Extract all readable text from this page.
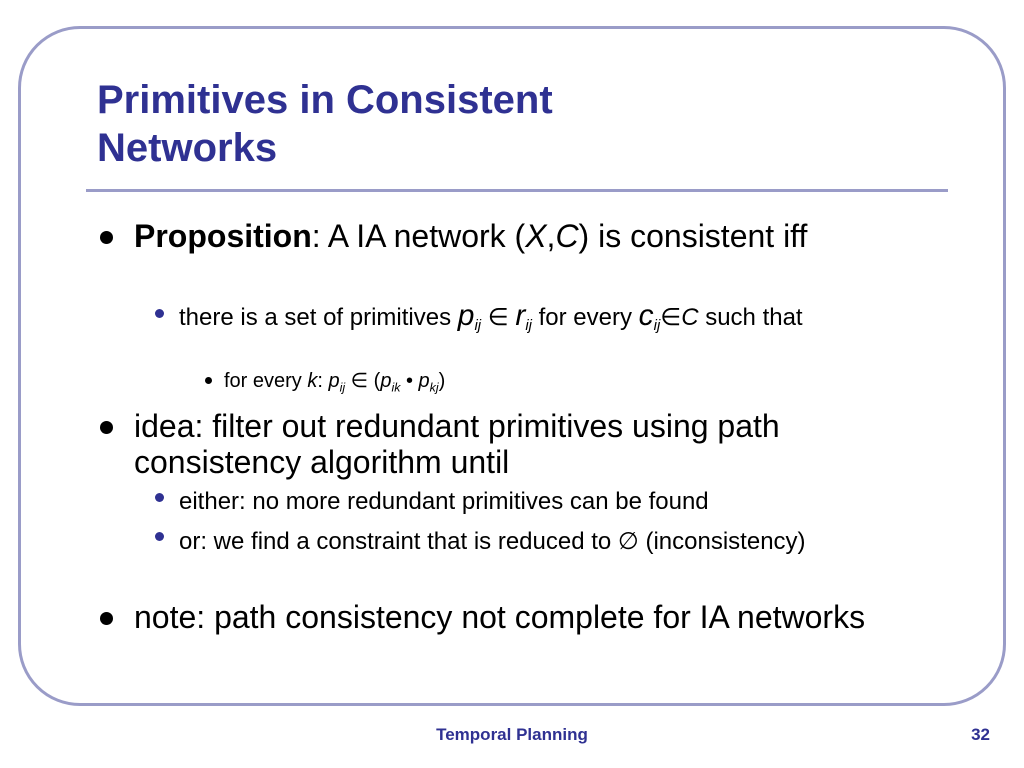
Primitives in Consistent
Networks

Proposition: A IA network (X,C) is consistent iff

there is a set of primitives $p_{ij}$ ∈ $r_{ij}$ for every $c_{ij}\in C$ such that

for every k: $p_{ij}$ ∈ ($p_{ik}$ • $p_{kj}$)

idea: filter out redundant primitives using path consistency algorithm until

either: no more redundant primitives can be found

or: we find a constraint that is reduced to ∅ (inconsistency)

note: path consistency not complete for IA networks

Temporal Planning	32
